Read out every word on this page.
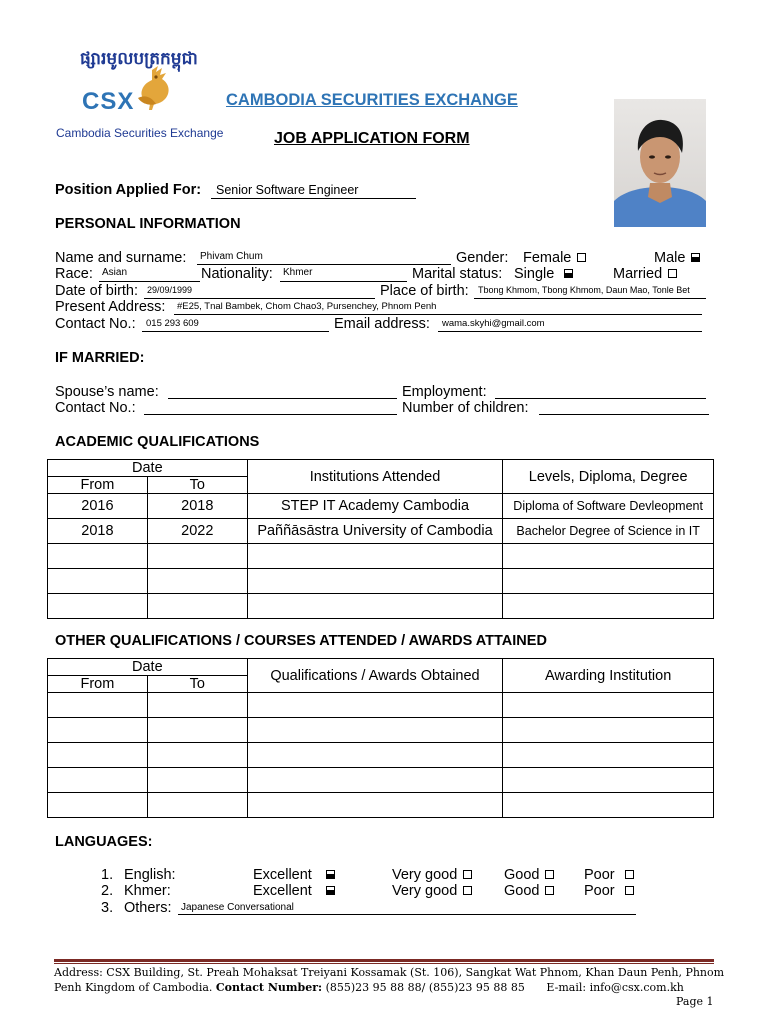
ផ្សារមូលបត្រកម្ពុជា
CSX
Cambodia Securities Exchange
CAMBODIA SECURITIES EXCHANGE
JOB APPLICATION FORM
Position Applied For: Senior Software Engineer
PERSONAL INFORMATION
Name and surname: Phivam Chum	Gender: Female	Male
Race: Asian	Nationality: Khmer	Marital status: Single	Married
Date of birth: 29/09/1999	Place of birth: Tbong Khmom, Tbong Khmom, Daun Mao, Tonle Bet
Present Address: #E25, Tnal Bambek, Chom Chao3, Pursenchey, Phnom Penh
Contact No.: 015 293 609	Email address: wama.skyhi@gmail.com
IF MARRIED:
Spouse’s name:	Employment:
Contact No.:	Number of children:
ACADEMIC QUALIFICATIONS
Date		Institutions Attended	Levels, Diploma, Degree
From	To		
2016	2018	STEP IT Academy Cambodia	Diploma of Software Devleopment
2018	2022	Paññāsāstra University of Cambodia	Bachelor Degree of Science in IT

OTHER QUALIFICATIONS / COURSES ATTENDED / AWARDS ATTAINED
Date		Qualifications / Awards Obtained	Awarding Institution
From	To		

LANGUAGES:
1. English:	Excellent	Very good	Good	Poor
2. Khmer:	Excellent	Very good	Good	Poor
3. Others: Japanese Conversational
Address: CSX Building, St. Preah Mohaksat Treiyani Kossamak (St. 106), Sangkat Wat Phnom, Khan Daun Penh, Phnom
Penh Kingdom of Cambodia. Contact Number: (855)23 95 88 88/ (855)23 95 88 85 E-mail: info@csx.com.kh
Page 1
